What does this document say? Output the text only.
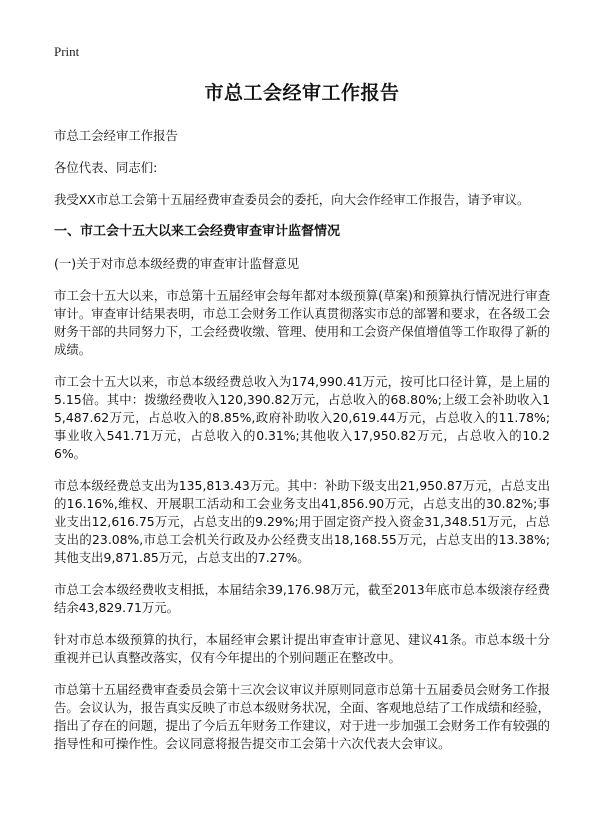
Print
市总工会经审工作报告

市总工会经审工作报告

各位代表、同志们:

我受XX市总工会第十五届经费审查委员会的委托，向大会作经审工作报告，请予审议。

一、市工会十五大以来工会经费审查审计监督情况

(一)关于对市总本级经费的审查审计监督意见

市工会十五大以来，市总第十五届经审会每年都对本级预算(草案)和预算执行情况进行审查审计。审查审计结果表明，市总工会财务工作认真贯彻落实市总的部署和要求，在各级工会财务干部的共同努力下，工会经费收缴、管理、使用和工会资产保值增值等工作取得了新的成绩。

市工会十五大以来，市总本级经费总收入为174,990.41万元，按可比口径计算，是上届的5.15倍。其中：拨缴经费收入120,390.82万元，占总收入的68.80%;上级工会补助收入15,487.62万元，占总收入的8.85%,政府补助收入20,619.44万元，占总收入的11.78%;事业收入541.71万元，占总收入的0.31%;其他收入17,950.82万元，占总收入的10.26%。

市总本级经费总支出为135,813.43万元。其中：补助下级支出21,950.87万元，占总支出的16.16%,维权、开展职工活动和工会业务支出41,856.90万元，占总支出的30.82%;事业支出12,616.75万元，占总支出的9.29%;用于固定资产投入资金31,348.51万元，占总支出的23.08%,市总工会机关行政及办公经费支出18,168.55万元，占总支出的13.38%;其他支出9,871.85万元，占总支出的7.27%。

市总工会本级经费收支相抵，本届结余39,176.98万元，截至2013年底市总本级滚存经费结余43,829.71万元。

针对市总本级预算的执行，本届经审会累计提出审查审计意见、建议41条。市总本级十分重视并已认真整改落实，仅有今年提出的个别问题正在整改中。

市总第十五届经费审查委员会第十三次会议审议并原则同意市总第十五届委员会财务工作报告。会议认为，报告真实反映了市总本级财务状况，全面、客观地总结了工作成绩和经验，指出了存在的问题，提出了今后五年财务工作建议，对于进一步加强工会财务工作有较强的指导性和可操作性。会议同意将报告提交市工会第十六次代表大会审议。
